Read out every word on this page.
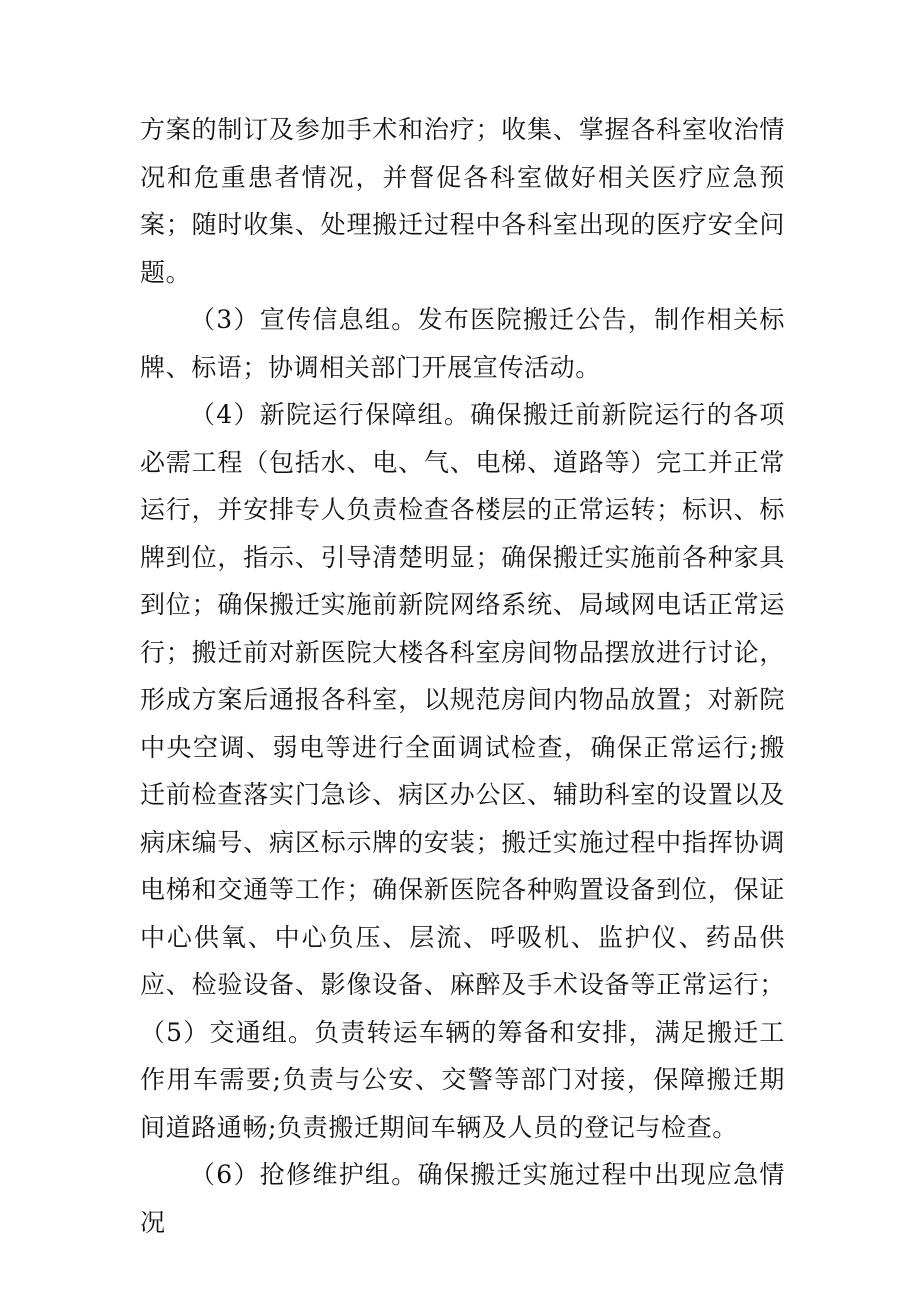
方案的制订及参加手术和治疗；收集、掌握各科室收治情况和危重患者情况，并督促各科室做好相关医疗应急预案；随时收集、处理搬迁过程中各科室出现的医疗安全问题。

（3）宣传信息组。发布医院搬迁公告，制作相关标牌、标语；协调相关部门开展宣传活动。

（4）新院运行保障组。确保搬迁前新院运行的各项必需工程（包括水、电、气、电梯、道路等）完工并正常运行，并安排专人负责检查各楼层的正常运转；标识、标牌到位，指示、引导清楚明显；确保搬迁实施前各种家具到位；确保搬迁实施前新院网络系统、局域网电话正常运行；搬迁前对新医院大楼各科室房间物品摆放进行讨论，形成方案后通报各科室，以规范房间内物品放置；对新院中央空调、弱电等进行全面调试检查，确保正常运行;搬迁前检查落实门急诊、病区办公区、辅助科室的设置以及病床编号、病区标示牌的安装；搬迁实施过程中指挥协调电梯和交通等工作；确保新医院各种购置设备到位，保证中心供氧、中心负压、层流、呼吸机、监护仪、药品供应、检验设备、影像设备、麻醉及手术设备等正常运行； （5）交通组。负责转运车辆的筹备和安排，满足搬迁工作用车需要;负责与公安、交警等部门对接，保障搬迁期间道路通畅;负责搬迁期间车辆及人员的登记与检查。

（6）抢修维护组。确保搬迁实施过程中出现应急情况
